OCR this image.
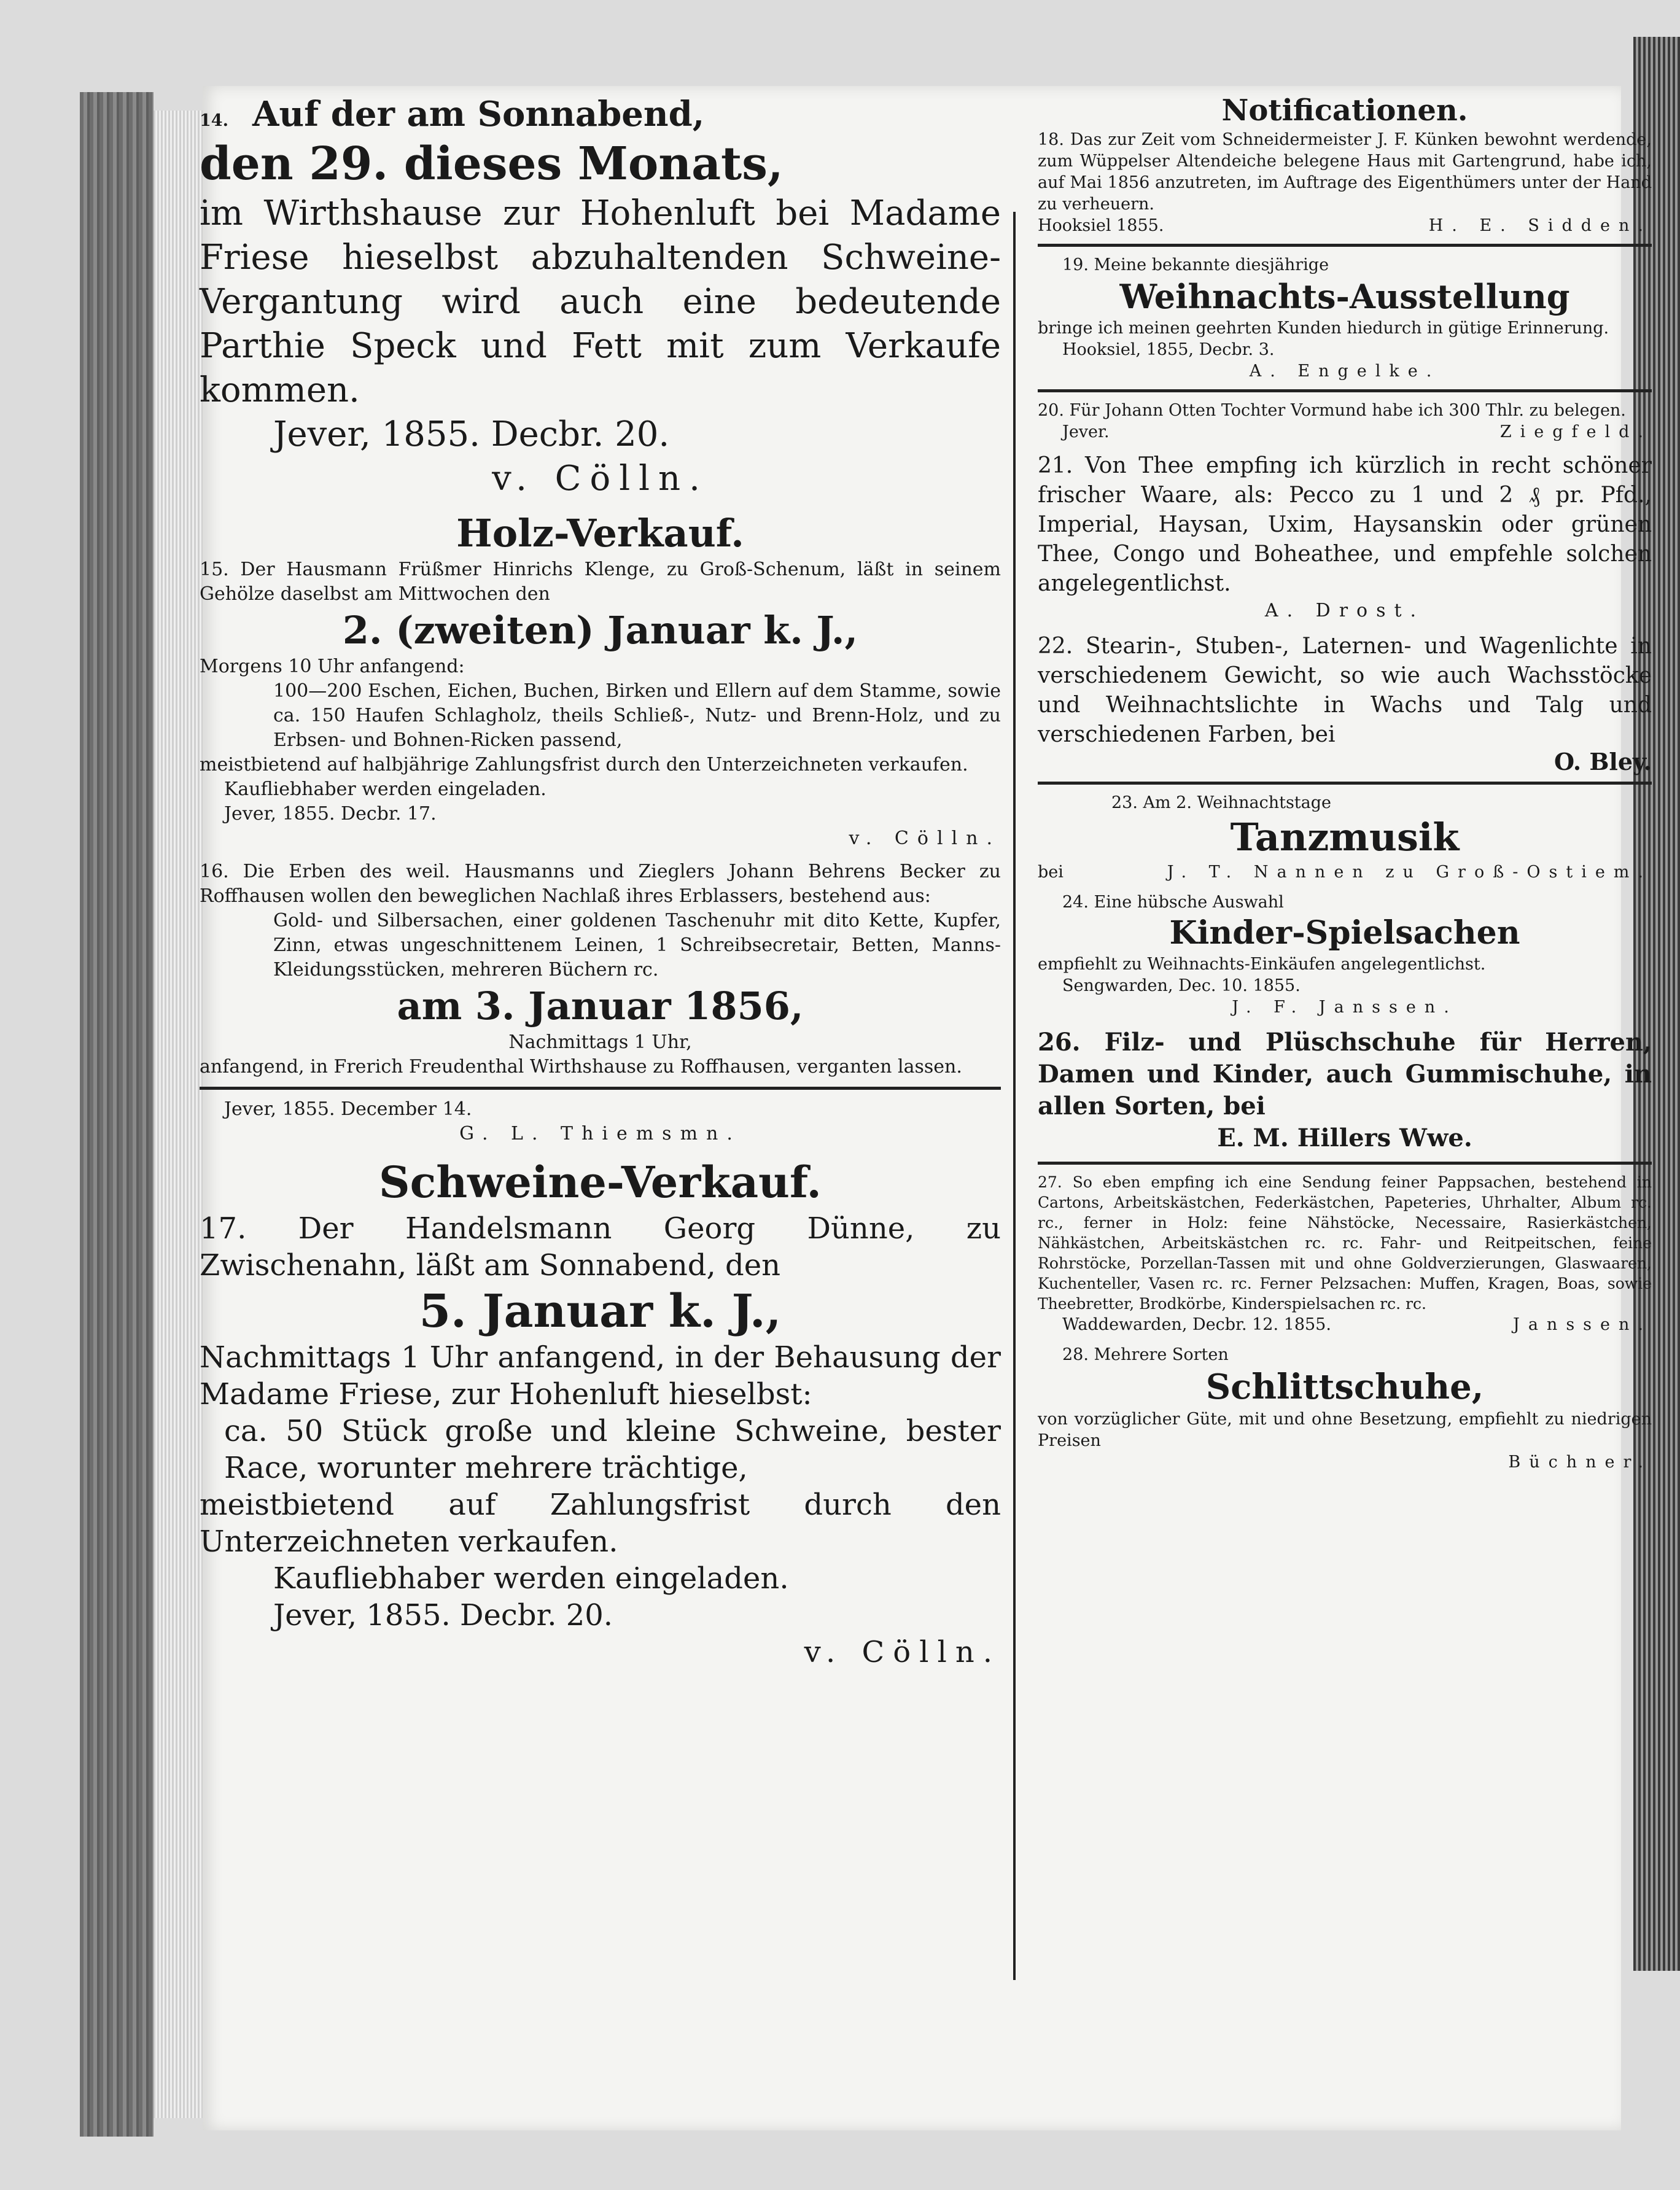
14. Auf der am Sonnabend,

den 29. dieses Monats,

im Wirthshause zur Hohenluft bei Madame Friese hieselbst abzuhaltenden Schweine-Vergantung wird auch eine bedeutende Parthie Speck und Fett mit zum Verkaufe kommen.

Jever, 1855. Decbr. 20.

v. Cölln.

Holz-Verkauf.

15. Der Hausmann Früßmer Hinrichs Klenge, zu Groß-Schenum, läßt in seinem Gehölze daselbst am Mittwochen den

2. (zweiten) Januar k. J.,

Morgens 10 Uhr anfangend:

100—200 Eschen, Eichen, Buchen, Birken und Ellern auf dem Stamme, sowie ca. 150 Haufen Schlagholz, theils Schließ-, Nutz- und Brenn-Holz, und zu Erbsen- und Bohnen-Ricken passend,

meistbietend auf halbjährige Zahlungsfrist durch den Unterzeichneten verkaufen.

Kaufliebhaber werden eingeladen.

Jever, 1855. Decbr. 17.

v. Cölln.

16. Die Erben des weil. Hausmanns und Zieglers Johann Behrens Becker zu Roffhausen wollen den beweglichen Nachlaß ihres Erblassers, bestehend aus:

Gold- und Silbersachen, einer goldenen Taschenuhr mit dito Kette, Kupfer, Zinn, etwas ungeschnittenem Leinen, 1 Schreibsecretair, Betten, Manns-Kleidungsstücken, mehreren Büchern rc.

am 3. Januar 1856,

Nachmittags 1 Uhr,

anfangend, in Frerich Freudenthal Wirthshause zu Roffhausen, verganten lassen.

Jever, 1855. December 14.

G. L. Thiemsmn.

Schweine-Verkauf.

17. Der Handelsmann Georg Dünne, zu Zwischenahn, läßt am Sonnabend, den

5. Januar k. J.,

Nachmittags 1 Uhr anfangend, in der Behausung der Madame Friese, zur Hohenluft hieselbst:

ca. 50 Stück große und kleine Schweine, bester Race, worunter mehrere trächtige,

meistbietend auf Zahlungsfrist durch den Unterzeichneten verkaufen.

Kaufliebhaber werden eingeladen.

Jever, 1855. Decbr. 20.

v. Cölln.

Notificationen.

18. Das zur Zeit vom Schneidermeister J. F. Künken bewohnt werdende, zum Wüppelser Altendeiche belegene Haus mit Gartengrund, habe ich, auf Mai 1856 anzutreten, im Auftrage des Eigenthümers unter der Hand zu verheuern.

Hooksiel 1855.	H. E. Sidden.

19. Meine bekannte diesjährige

Weihnachts-Ausstellung

bringe ich meinen geehrten Kunden hiedurch in gütige Erinnerung.

Hooksiel, 1855, Decbr. 3.

A. Engelke.

20. Für Johann Otten Tochter Vormund habe ich 300 Thlr. zu belegen.

Jever.	Ziegfeld.

21. Von Thee empfing ich kürzlich in recht schöner frischer Waare, als: Pecco zu 1 und 2 ₰ pr. Pfd., Imperial, Haysan, Uxim, Haysanskin oder grünen Thee, Congo und Boheathee, und empfehle solchen angelegentlichst.

A. Drost.

22. Stearin-, Stuben-, Laternen- und Wagenlichte in verschiedenem Gewicht, so wie auch Wachsstöcke und Weihnachtslichte in Wachs und Talg und verschiedenen Farben, bei

O. Bley.

23. Am 2. Weihnachtstage

Tanzmusik

bei	J. T. Nannen zu Groß-Ostiem.

24. Eine hübsche Auswahl

Kinder-Spielsachen

empfiehlt zu Weihnachts-Einkäufen angelegentlichst.

Sengwarden, Dec. 10. 1855.

J. F. Janssen.

26. Filz- und Plüschschuhe für Herren, Damen und Kinder, auch Gummischuhe, in allen Sorten, bei

E. M. Hillers Wwe.

27. So eben empfing ich eine Sendung feiner Pappsachen, bestehend in Cartons, Arbeitskästchen, Federkästchen, Papeteries, Uhrhalter, Album rc. rc., ferner in Holz: feine Nähstöcke, Necessaire, Rasierkästchen, Nähkästchen, Arbeitskästchen rc. rc. Fahr- und Reitpeitschen, feine Rohrstöcke, Porzellan-Tassen mit und ohne Goldverzierungen, Glaswaaren, Kuchenteller, Vasen rc. rc. Ferner Pelzsachen: Muffen, Kragen, Boas, sowie Theebretter, Brodkörbe, Kinderspielsachen rc. rc.

Waddewarden, Decbr. 12. 1855.	Janssen.

28. Mehrere Sorten

Schlittschuhe,

von vorzüglicher Güte, mit und ohne Besetzung, empfiehlt zu niedrigen Preisen

Büchner.
